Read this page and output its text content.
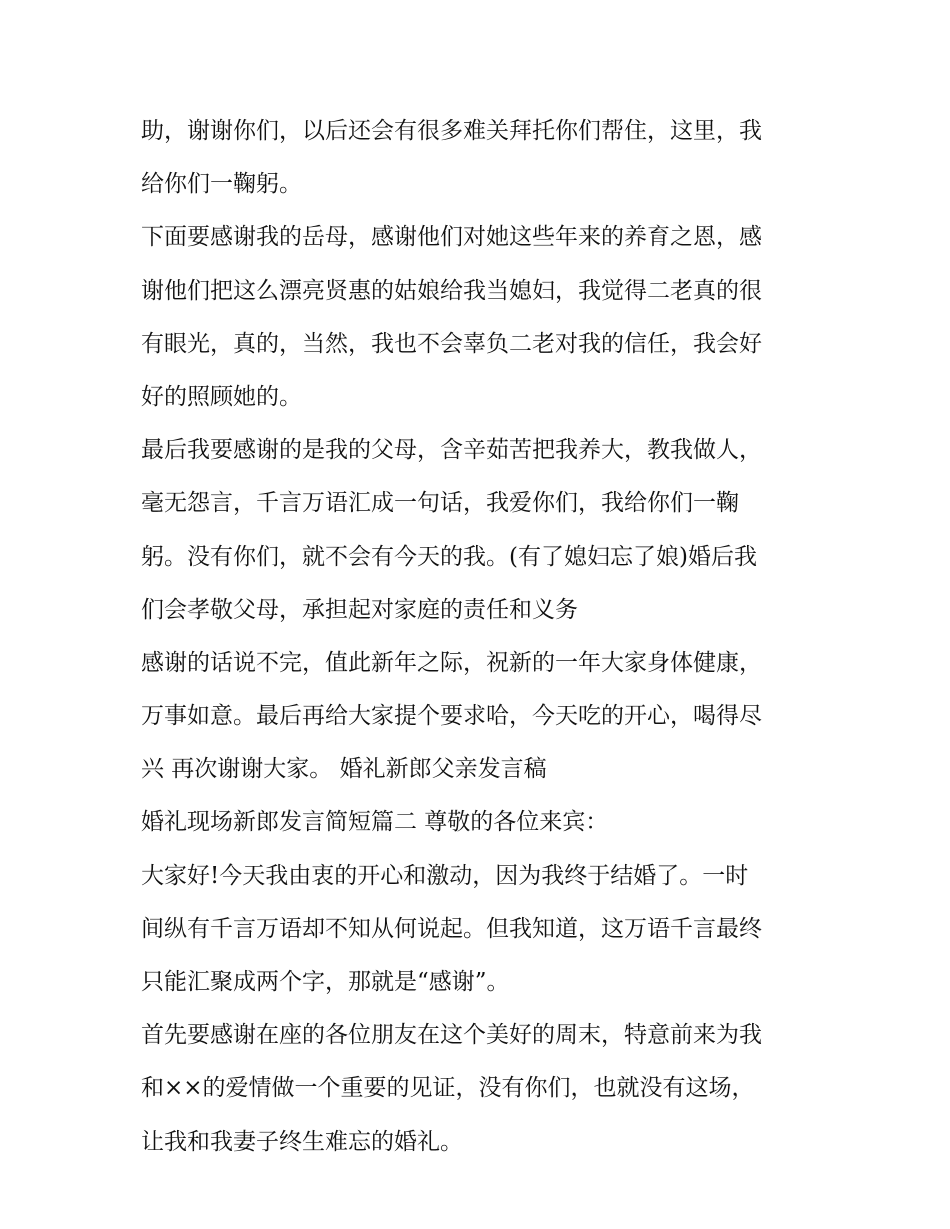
助，谢谢你们，以后还会有很多难关拜托你们帮住，这里，我
给你们一鞠躬。
下面要感谢我的岳母，感谢他们对她这些年来的养育之恩，感
谢他们把这么漂亮贤惠的姑娘给我当媳妇，我觉得二老真的很
有眼光，真的，当然，我也不会辜负二老对我的信任，我会好
好的照顾她的。
最后我要感谢的是我的父母，含辛茹苦把我养大，教我做人，
毫无怨言，千言万语汇成一句话，我爱你们，我给你们一鞠
躬。没有你们，就不会有今天的我。(有了媳妇忘了娘)婚后我
们会孝敬父母，承担起对家庭的责任和义务
感谢的话说不完，值此新年之际，祝新的一年大家身体健康，
万事如意。最后再给大家提个要求哈，今天吃的开心，喝得尽
兴 再次谢谢大家。 婚礼新郎父亲发言稿
婚礼现场新郎发言简短篇二 尊敬的各位来宾：
大家好!今天我由衷的开心和激动，因为我终于结婚了。一时
间纵有千言万语却不知从何说起。但我知道，这万语千言最终
只能汇聚成两个字，那就是“感谢”。
首先要感谢在座的各位朋友在这个美好的周末，特意前来为我
和××的爱情做一个重要的见证，没有你们，也就没有这场，
让我和我妻子终生难忘的婚礼。
